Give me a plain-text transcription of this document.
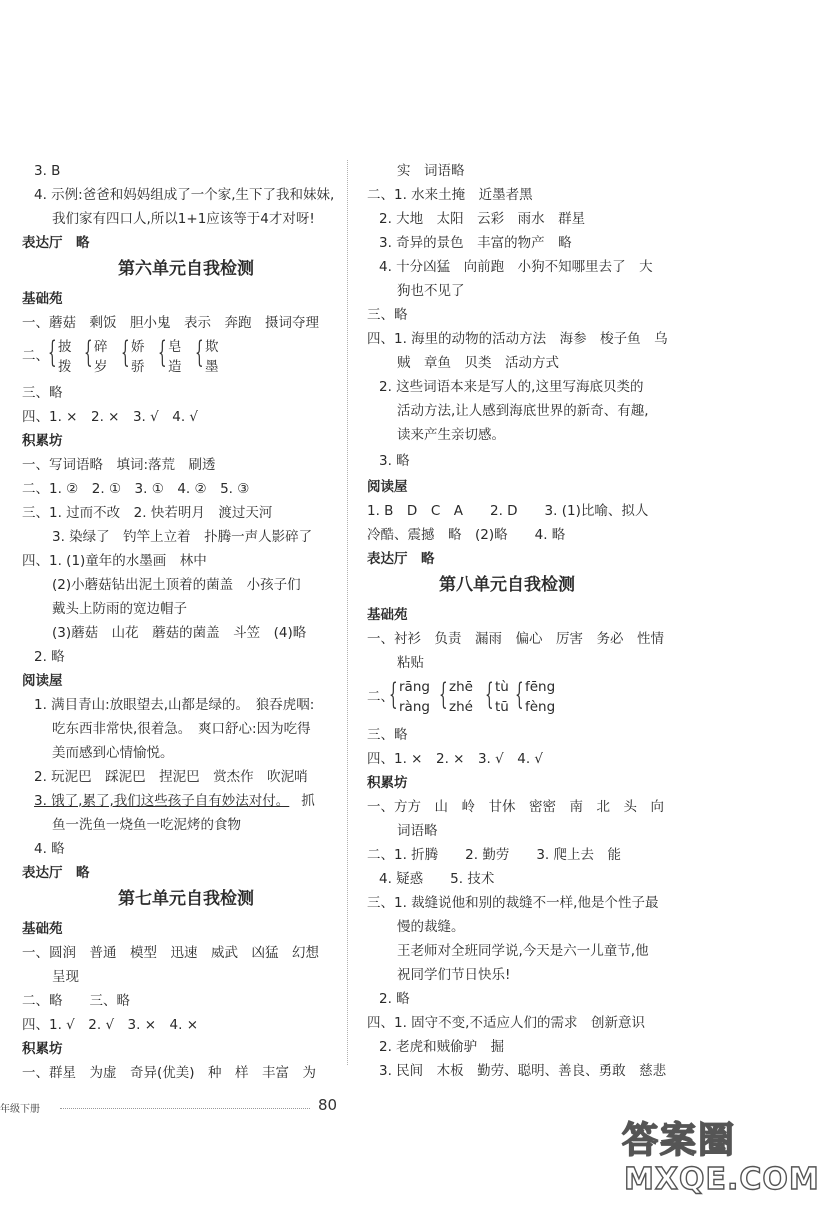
3. B
4. 示例:爸爸和妈妈组成了一个家,生下了我和妹妹,
我们家有四口人,所以1+1应该等于4才对呀!
表达厅　略
第六单元自我检测
基础苑
一、蘑菇　剩饭　胆小鬼　表示　奔跑　摄词夺理
二、 { 披
拨 { 碎
岁 { 娇
骄 { 皂
造 { 欺
墨
三、略
四、1. ×　2. ×　3. √　4. √
积累坊
一、写词语略　填词:落荒　刷透
二、1. ②　2. ①　3. ①　4. ②　5. ③
三、1. 过而不改　2. 快若明月　渡过天河
3. 染绿了　钓竿上立着　扑腾一声人影碎了
四、1. (1)童年的水墨画　林中
(2)小蘑菇钻出泥土顶着的菌盖　小孩子们
戴头上防雨的宽边帽子
(3)蘑菇　山花　蘑菇的菌盖　斗笠　(4)略
2. 略
阅读屋
1. 满目青山:放眼望去,山都是绿的。　狼吞虎咽:
吃东西非常快,很着急。　爽口舒心:因为吃得
美而感到心情愉悦。
2. 玩泥巴　踩泥巴　捏泥巴　赏杰作　吹泥哨
3. 饿了,累了,我们这些孩子自有妙法对付。 抓
鱼一洗鱼一烧鱼一吃泥烤的食物
4. 略
表达厅　略
第七单元自我检测
基础苑
一、圆润　普通　模型　迅速　威武　凶猛　幻想
呈现
二、略　　三、略
四、1. √　2. √　3. ×　4. ×
积累坊
一、群星　为虚　奇异(优美)　种　样　丰富　为
实　词语略
二、1. 水来土掩　近墨者黑
2. 大地　太阳　云彩　雨水　群星
3. 奇异的景色　丰富的物产　略
4. 十分凶猛　向前跑　小狗不知哪里去了　大
狗也不见了
三、略
四、1. 海里的动物的活动方法　海参　梭子鱼　乌
贼　章鱼　贝类　活动方式
2. 这些词语本来是写人的,这里写海底贝类的
活动方法,让人感到海底世界的新奇、有趣,
读来产生亲切感。
3. 略
阅读屋
1. B　D　C　A　　2. D　　3. (1)比喻、拟人
冷酷、震撼　略　(2)略　　4. 略
表达厅　略
第八单元自我检测
基础苑
一、衬衫　负责　漏雨　偏心　厉害　务必　性情
粘贴
二、
{ rāng
ràng { zhē
zhé { tù
tū { fēng
fèng
三、略
四、1. ×　2. ×　3. √　4. √
积累坊
一、方方　山　岭　甘休　密密　南　北　头　向
词语略
二、1. 折腾　　2. 勤劳　　3. 爬上去　能
4. 疑惑　　5. 技术
三、1. 裁缝说他和别的裁缝不一样,他是个性子最
慢的裁缝。
王老师对全班同学说,今天是六一儿童节,他
祝同学们节日快乐!
2. 略
四、1. 固守不变,不适应人们的需求　创新意识
2. 老虎和贼偷驴　掘
3. 民间　木板　勤劳、聪明、善良、勇敢　慈悲
年级下册	80
答案圈
MXQE.COM
